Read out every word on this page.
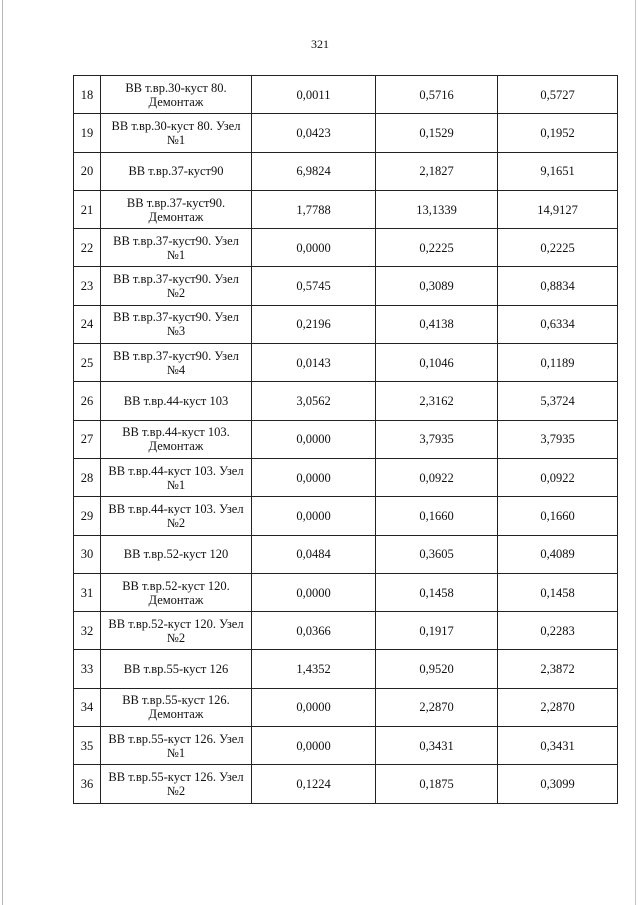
321
18	ВВ т.вр.30-куст 80. Демонтаж	0,0011	0,5716	0,5727
19	ВВ т.вр.30-куст 80. Узел №1	0,0423	0,1529	0,1952
20	ВВ т.вр.37-куст90	6,9824	2,1827	9,1651
21	ВВ т.вр.37-куст90. Демонтаж	1,7788	13,1339	14,9127
22	ВВ т.вр.37-куст90. Узел №1	0,0000	0,2225	0,2225
23	ВВ т.вр.37-куст90. Узел №2	0,5745	0,3089	0,8834
24	ВВ т.вр.37-куст90. Узел №3	0,2196	0,4138	0,6334
25	ВВ т.вр.37-куст90. Узел №4	0,0143	0,1046	0,1189
26	ВВ т.вр.44-куст 103	3,0562	2,3162	5,3724
27	ВВ т.вр.44-куст 103. Демонтаж	0,0000	3,7935	3,7935
28	ВВ т.вр.44-куст 103. Узел №1	0,0000	0,0922	0,0922
29	ВВ т.вр.44-куст 103. Узел №2	0,0000	0,1660	0,1660
30	ВВ т.вр.52-куст 120	0,0484	0,3605	0,4089
31	ВВ т.вр.52-куст 120. Демонтаж	0,0000	0,1458	0,1458
32	ВВ т.вр.52-куст 120. Узел №2	0,0366	0,1917	0,2283
33	ВВ т.вр.55-куст 126	1,4352	0,9520	2,3872
34	ВВ т.вр.55-куст 126. Демонтаж	0,0000	2,2870	2,2870
35	ВВ т.вр.55-куст 126. Узел №1	0,0000	0,3431	0,3431
36	ВВ т.вр.55-куст 126. Узел №2	0,1224	0,1875	0,3099
